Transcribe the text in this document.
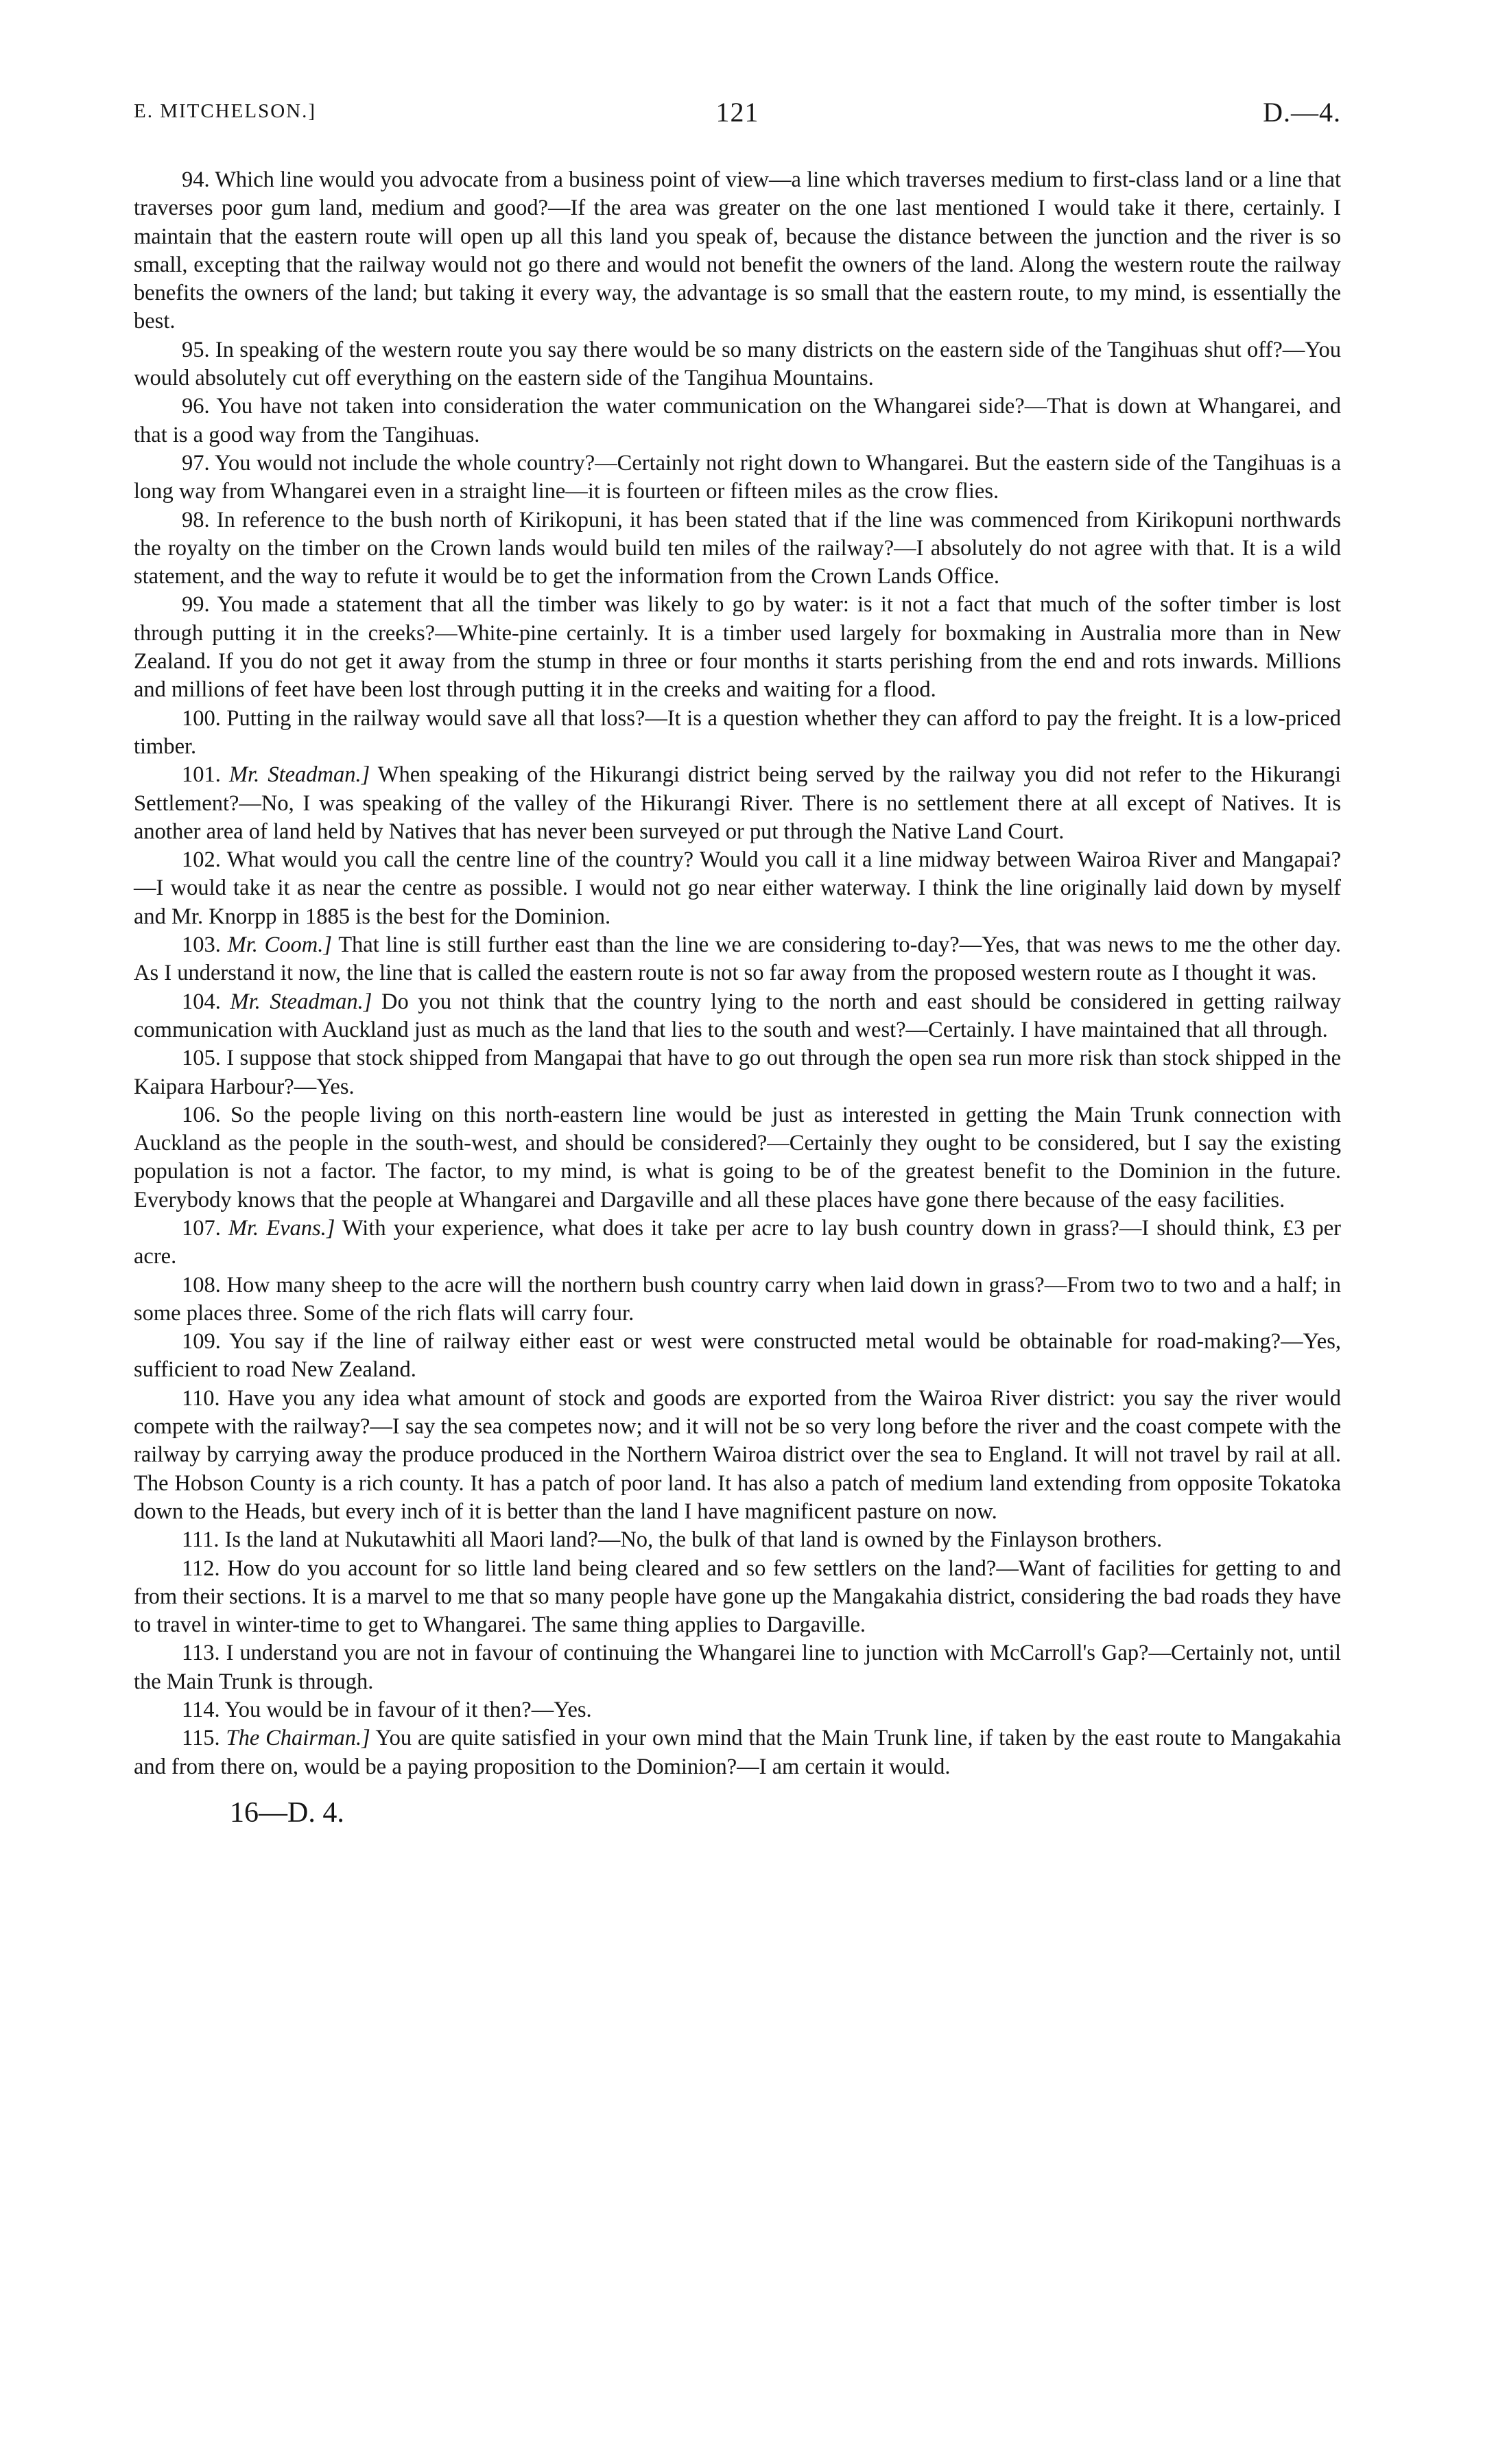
E. MITCHELSON.]	121	D.—4.

94. Which line would you advocate from a business point of view—a line which traverses medium to first-class land or a line that traverses poor gum land, medium and good?—If the area was greater on the one last mentioned I would take it there, certainly. I maintain that the eastern route will open up all this land you speak of, because the distance between the junction and the river is so small, excepting that the railway would not go there and would not benefit the owners of the land. Along the western route the railway benefits the owners of the land; but taking it every way, the advantage is so small that the eastern route, to my mind, is essentially the best.

95. In speaking of the western route you say there would be so many districts on the eastern side of the Tangihuas shut off?—You would absolutely cut off everything on the eastern side of the Tangihua Mountains.

96. You have not taken into consideration the water communication on the Whangarei side?—That is down at Whangarei, and that is a good way from the Tangihuas.

97. You would not include the whole country?—Certainly not right down to Whangarei. But the eastern side of the Tangihuas is a long way from Whangarei even in a straight line—it is fourteen or fifteen miles as the crow flies.

98. In reference to the bush north of Kirikopuni, it has been stated that if the line was commenced from Kirikopuni northwards the royalty on the timber on the Crown lands would build ten miles of the railway?—I absolutely do not agree with that. It is a wild statement, and the way to refute it would be to get the information from the Crown Lands Office.

99. You made a statement that all the timber was likely to go by water: is it not a fact that much of the softer timber is lost through putting it in the creeks?—White-pine certainly. It is a timber used largely for boxmaking in Australia more than in New Zealand. If you do not get it away from the stump in three or four months it starts perishing from the end and rots inwards. Millions and millions of feet have been lost through putting it in the creeks and waiting for a flood.

100. Putting in the railway would save all that loss?—It is a question whether they can afford to pay the freight. It is a low-priced timber.

101. Mr. Steadman.] When speaking of the Hikurangi district being served by the railway you did not refer to the Hikurangi Settlement?—No, I was speaking of the valley of the Hikurangi River. There is no settlement there at all except of Natives. It is another area of land held by Natives that has never been surveyed or put through the Native Land Court.

102. What would you call the centre line of the country? Would you call it a line midway between Wairoa River and Mangapai?—I would take it as near the centre as possible. I would not go near either waterway. I think the line originally laid down by myself and Mr. Knorpp in 1885 is the best for the Dominion.

103. Mr. Coom.] That line is still further east than the line we are considering to-day?—Yes, that was news to me the other day. As I understand it now, the line that is called the eastern route is not so far away from the proposed western route as I thought it was.

104. Mr. Steadman.] Do you not think that the country lying to the north and east should be considered in getting railway communication with Auckland just as much as the land that lies to the south and west?—Certainly. I have maintained that all through.

105. I suppose that stock shipped from Mangapai that have to go out through the open sea run more risk than stock shipped in the Kaipara Harbour?—Yes.

106. So the people living on this north-eastern line would be just as interested in getting the Main Trunk connection with Auckland as the people in the south-west, and should be considered?—Certainly they ought to be considered, but I say the existing population is not a factor. The factor, to my mind, is what is going to be of the greatest benefit to the Dominion in the future. Everybody knows that the people at Whangarei and Dargaville and all these places have gone there because of the easy facilities.

107. Mr. Evans.] With your experience, what does it take per acre to lay bush country down in grass?—I should think, £3 per acre.

108. How many sheep to the acre will the northern bush country carry when laid down in grass?—From two to two and a half; in some places three. Some of the rich flats will carry four.

109. You say if the line of railway either east or west were constructed metal would be obtainable for road-making?—Yes, sufficient to road New Zealand.

110. Have you any idea what amount of stock and goods are exported from the Wairoa River district: you say the river would compete with the railway?—I say the sea competes now; and it will not be so very long before the river and the coast compete with the railway by carrying away the produce produced in the Northern Wairoa district over the sea to England. It will not travel by rail at all. The Hobson County is a rich county. It has a patch of poor land. It has also a patch of medium land extending from opposite Tokatoka down to the Heads, but every inch of it is better than the land I have magnificent pasture on now.

111. Is the land at Nukutawhiti all Maori land?—No, the bulk of that land is owned by the Finlayson brothers.

112. How do you account for so little land being cleared and so few settlers on the land?—Want of facilities for getting to and from their sections. It is a marvel to me that so many people have gone up the Mangakahia district, considering the bad roads they have to travel in winter-time to get to Whangarei. The same thing applies to Dargaville.

113. I understand you are not in favour of continuing the Whangarei line to junction with McCarroll's Gap?—Certainly not, until the Main Trunk is through.

114. You would be in favour of it then?—Yes.

115. The Chairman.] You are quite satisfied in your own mind that the Main Trunk line, if taken by the east route to Mangakahia and from there on, would be a paying proposition to the Dominion?—I am certain it would.

16—D. 4.
